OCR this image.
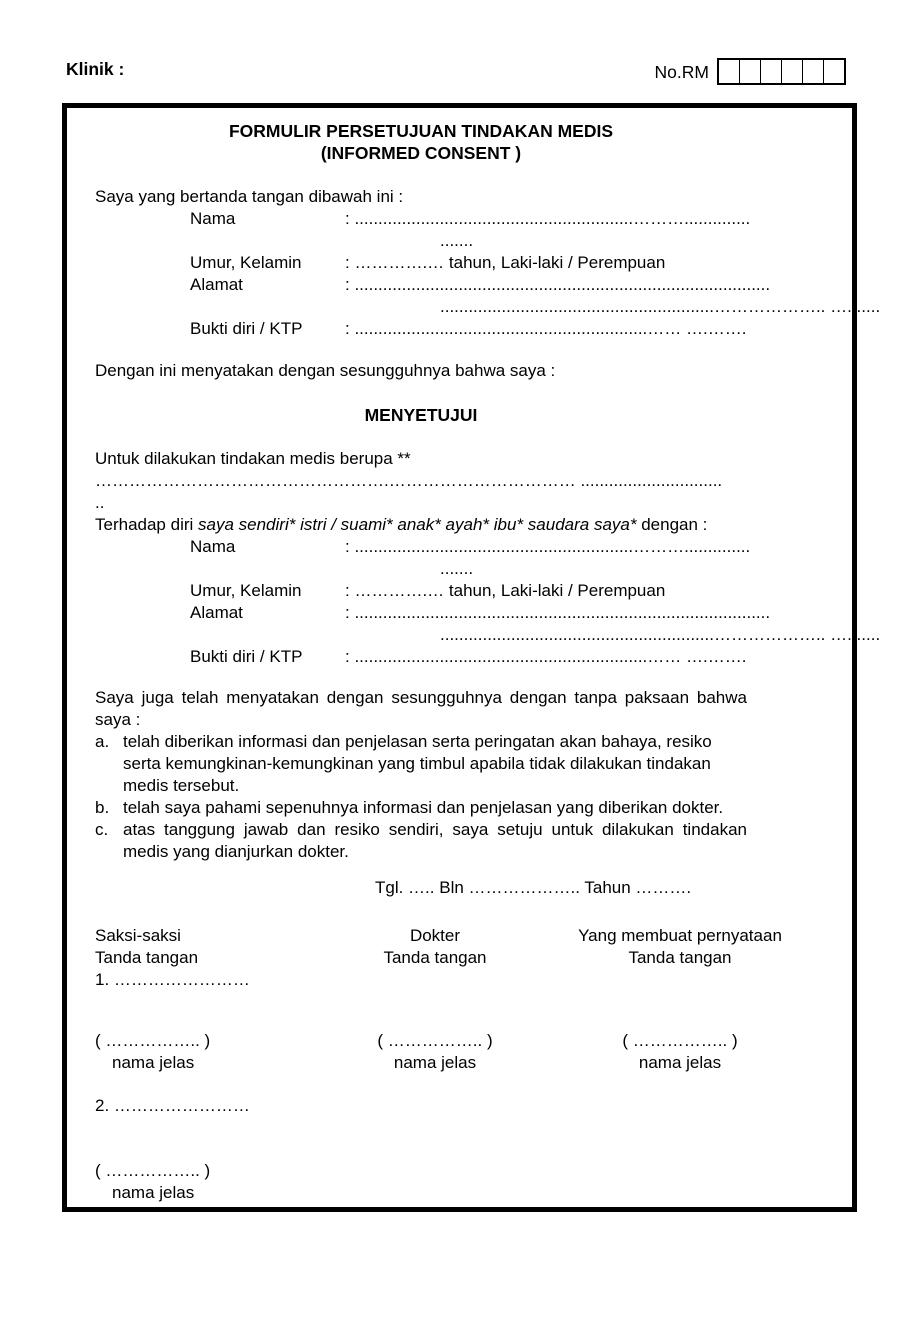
Klinik :	No.RM
FORMULIR PERSETUJUAN TINDAKAN MEDIS
(INFORMED CONSENT )
Saya yang bertanda tangan dibawah ini :
Nama	: ...........................................................………..............
.......
Umur, Kelamin	: ………….… tahun, Laki-laki / Perempuan
Alamat	: ........................................................................................
..........................................................……………….. ….......
Bukti diri / KTP	: ..............................................................…… ….…….
Dengan ini menyatakan dengan sesungguhnya bahwa saya :
MENYETUJUI
Untuk dilakukan tindakan medis berupa **
…………………………………………….…………………………… ..............................
..
Terhadap diri saya sendiri* istri / suami* anak* ayah* ibu* saudara saya* dengan :
Nama	: ...........................................................………..............
.......
Umur, Kelamin	: ………….… tahun, Laki-laki / Perempuan
Alamat	: ........................................................................................
..........................................................……………….. ….......
Bukti diri / KTP	: ..............................................................…… ….…….
Saya juga telah menyatakan dengan sesungguhnya dengan tanpa paksaan bahwa saya :
a. telah diberikan informasi dan penjelasan serta peringatan akan bahaya, resiko serta kemungkinan-kemungkinan yang timbul apabila tidak dilakukan tindakan medis tersebut.
b. telah saya pahami sepenuhnya informasi dan penjelasan yang diberikan dokter.
c. atas tanggung jawab dan resiko sendiri, saya setuju untuk dilakukan tindakan medis yang dianjurkan dokter.
Tgl. ….. Bln ……………….. Tahun ……….
Saksi-saksi	Dokter	Yang membuat pernyataan
Tanda tangan	Tanda tangan	Tanda tangan
1. ……………………
( …………….. )	( …………….. )	( …………….. )
nama jelas	nama jelas	nama jelas
2. ……………………
( …………….. )
nama jelas
